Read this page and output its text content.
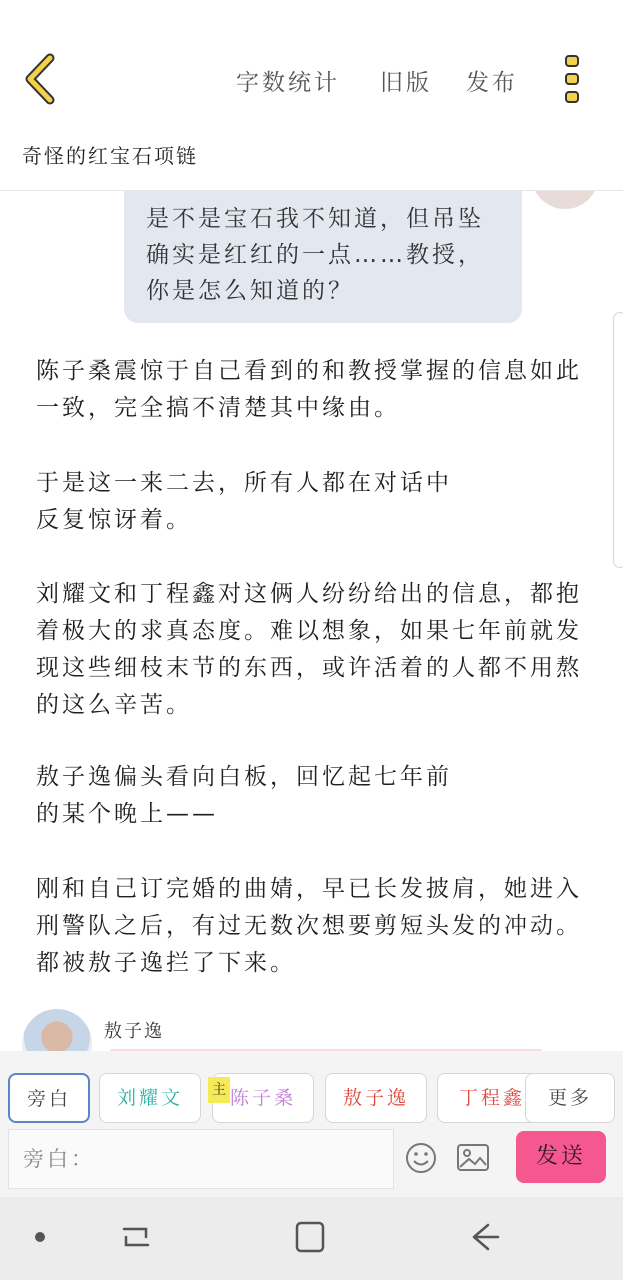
字数统计 旧版 发布
奇怪的红宝石项链
是不是宝石我不知道，但吊坠确实是红红的一点……教授，你是怎么知道的？
陈子桑震惊于自己看到的和教授掌握的信息如此一致，完全搞不清楚其中缘由。
于是这一来二去，所有人都在对话中
反复惊讶着。
刘耀文和丁程鑫对这俩人纷纷给出的信息，都抱着极大的求真态度。难以想象，如果七年前就发现这些细枝末节的东西，或许活着的人都不用熬的这么辛苦。
敖子逸偏头看向白板，回忆起七年前
的某个晚上——
刚和自己订完婚的曲婧，早已长发披肩，她进入刑警队之后，有过无数次想要剪短头发的冲动。都被敖子逸拦了下来。
敖子逸
旁白	刘耀文	陈子桑
主	敖子逸	丁程鑫	更多
旁白：	发送
